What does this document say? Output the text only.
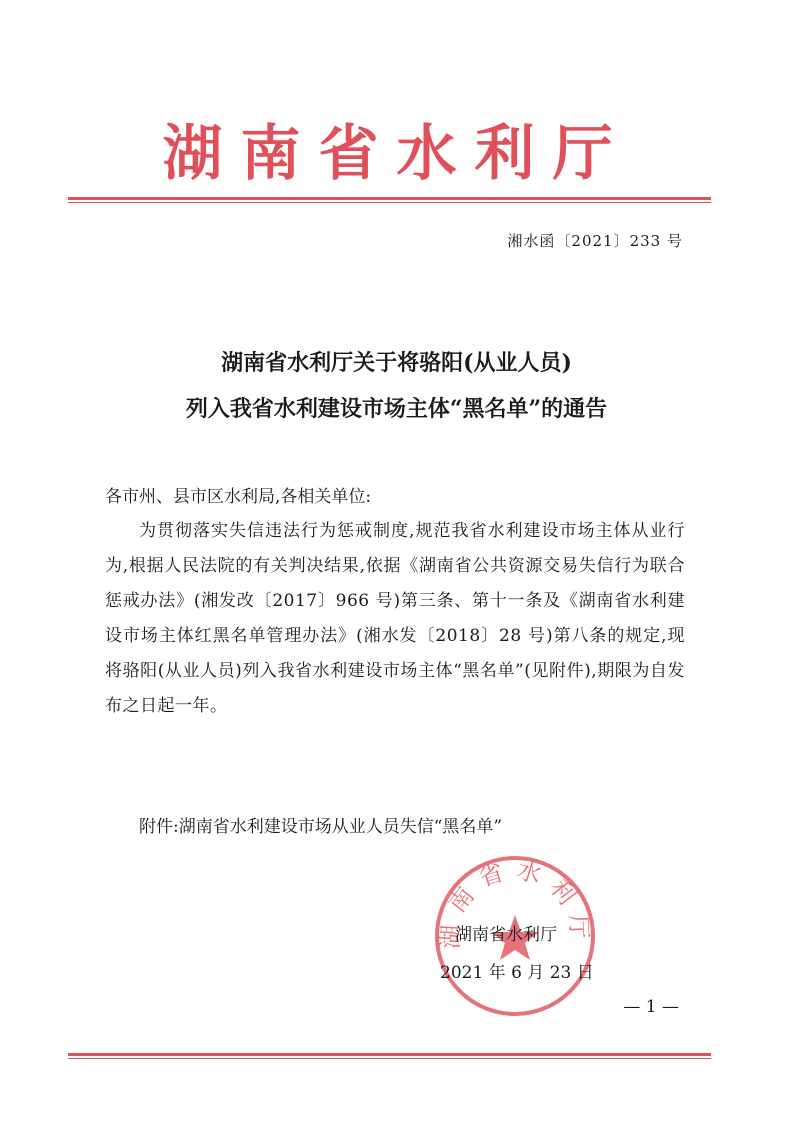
湖南省水利厅
湘水函〔2021〕233 号
湖南省水利厅关于将骆阳(从业人员)
列入我省水利建设市场主体“黑名单”的通告
各市州、县市区水利局,各相关单位:
为贯彻落实失信违法行为惩戒制度,规范我省水利建设市场主体从业行为,根据人民法院的有关判决结果,依据《湖南省公共资源交易失信行为联合惩戒办法》(湘发改〔2017〕966 号)第三条、第十一条及《湖南省水利建设市场主体红黑名单管理办法》(湘水发〔2018〕28 号)第八条的规定,现将骆阳(从业人员)列入我省水利建设市场主体“黑名单”(见附件),期限为自发布之日起一年。
附件:湖南省水利建设市场从业人员失信“黑名单”
湖南省水利厅
湖南省水利厅
2021 年 6 月 23 日
— 1 —
